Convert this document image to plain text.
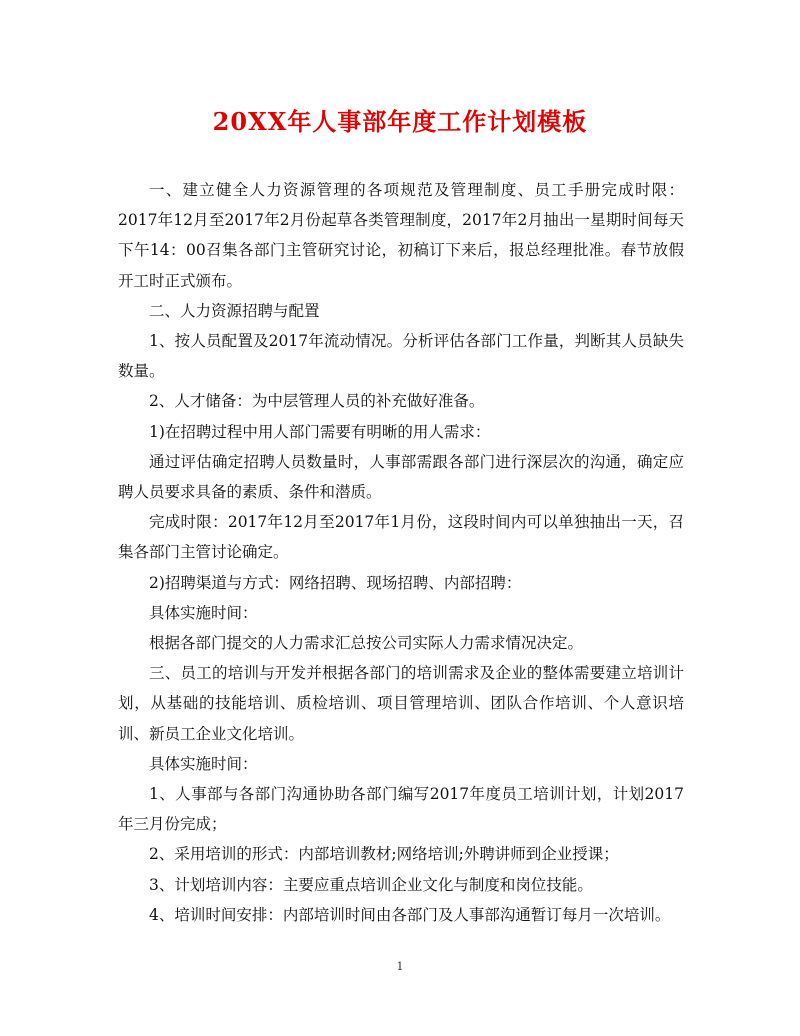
20XX年人事部年度工作计划模板

一、建立健全人力资源管理的各项规范及管理制度、员工手册完成时限：2017年12月至2017年2月份起草各类管理制度，2017年2月抽出一星期时间每天下午14：00召集各部门主管研究讨论，初稿订下来后，报总经理批准。春节放假开工时正式颁布。

二、人力资源招聘与配置

1、按人员配置及2017年流动情况。分析评估各部门工作量，判断其人员缺失数量。

2、人才储备：为中层管理人员的补充做好准备。

1)在招聘过程中用人部门需要有明晰的用人需求：

通过评估确定招聘人员数量时，人事部需跟各部门进行深层次的沟通，确定应聘人员要求具备的素质、条件和潜质。

完成时限：2017年12月至2017年1月份，这段时间内可以单独抽出一天，召集各部门主管讨论确定。

2)招聘渠道与方式：网络招聘、现场招聘、内部招聘：

具体实施时间：

根据各部门提交的人力需求汇总按公司实际人力需求情况决定。

三、员工的培训与开发并根据各部门的培训需求及企业的整体需要建立培训计划，从基础的技能培训、质检培训、项目管理培训、团队合作培训、个人意识培训、新员工企业文化培训。

具体实施时间：

1、人事部与各部门沟通协助各部门编写2017年度员工培训计划，计划2017年三月份完成；

2、采用培训的形式：内部培训教材;网络培训;外聘讲师到企业授课；

3、计划培训内容：主要应重点培训企业文化与制度和岗位技能。

4、培训时间安排：内部培训时间由各部门及人事部沟通暂订每月一次培训。

1
